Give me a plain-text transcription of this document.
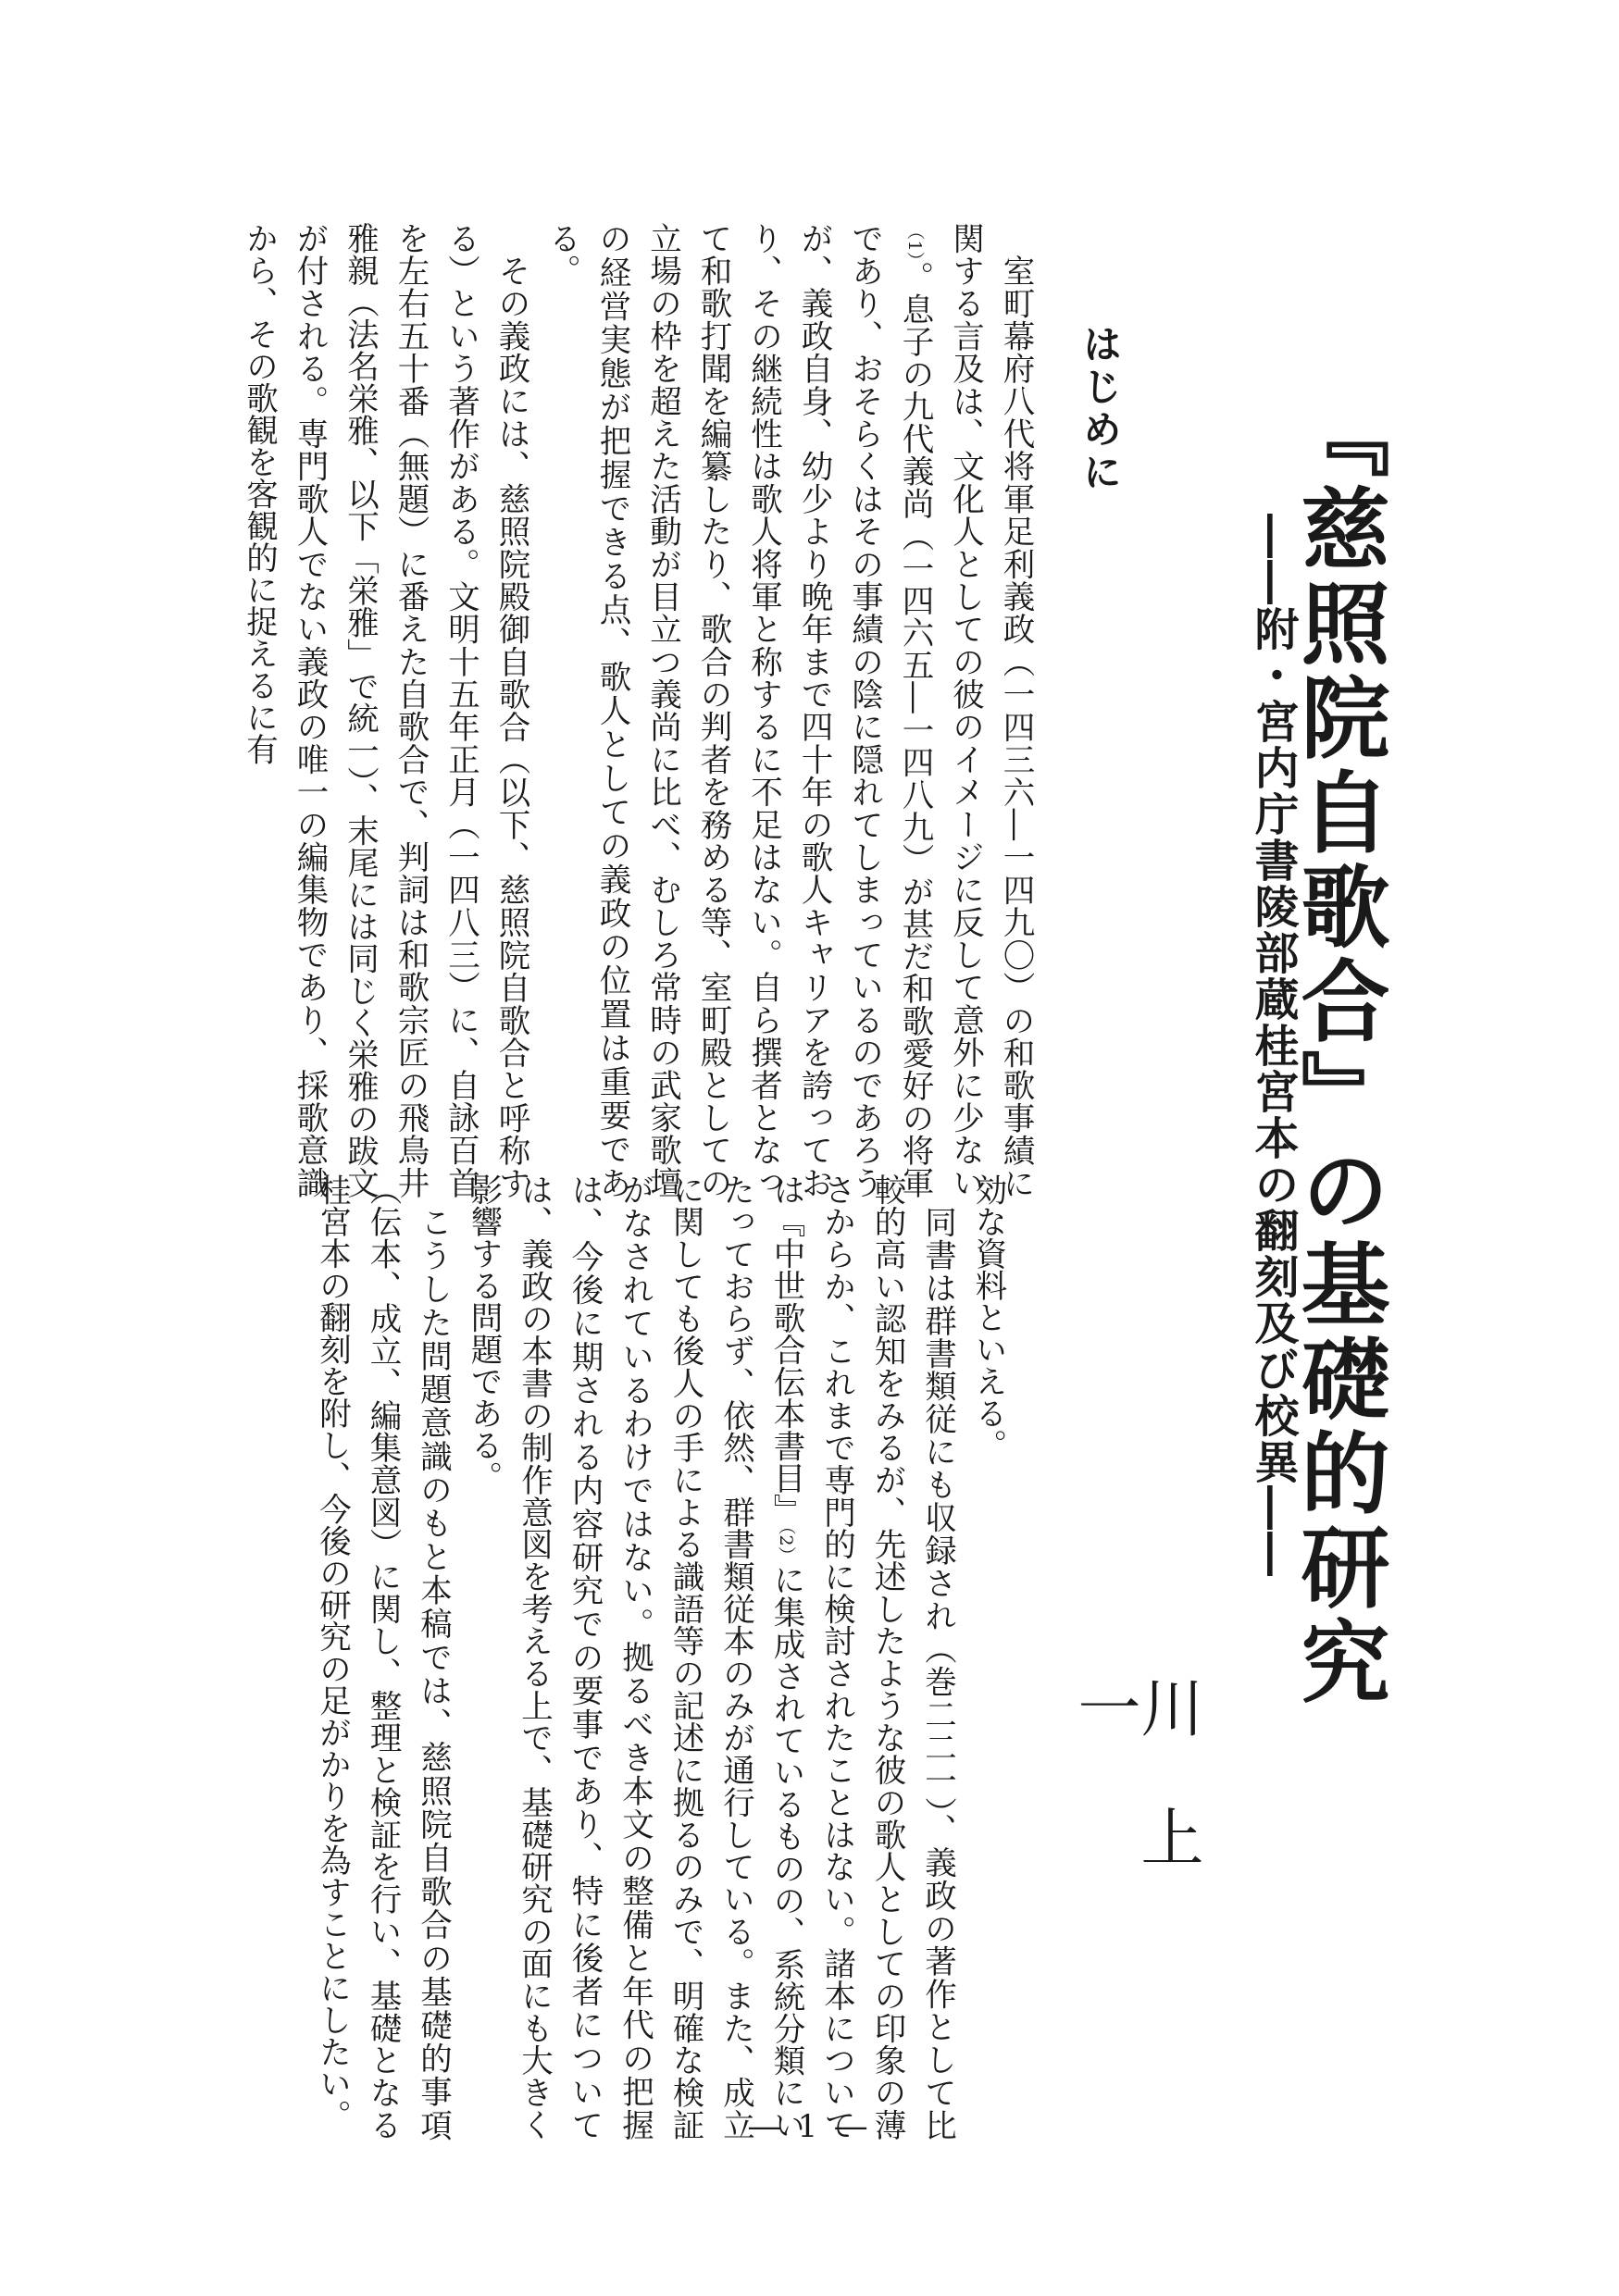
『慈照院自歌合』の基礎的研究
――附・宮内庁書陵部蔵桂宮本の翻刻及び校異――
川上一
はじめに

室町幕府八代将軍足利義政（一四三六―一四九〇）の和歌事績に関する言及は、文化人としての彼のイメージに反して意外に少ない（1）。息子の九代義尚（一四六五―一四八九）が甚だ和歌愛好の将軍であり、おそらくはその事績の陰に隠れてしまっているのであろうが、義政自身、幼少より晩年まで四十年の歌人キャリアを誇っており、その継続性は歌人将軍と称するに不足はない。自ら撰者となって和歌打聞を編纂したり、歌合の判者を務める等、室町殿としての立場の枠を超えた活動が目立つ義尚に比べ、むしろ常時の武家歌壇の経営実態が把握できる点、歌人としての義政の位置は重要である。

その義政には、慈照院殿御自歌合（以下、慈照院自歌合と呼称する）という著作がある。文明十五年正月（一四八三）に、自詠百首を左右五十番（無題）に番えた自歌合で、判詞は和歌宗匠の飛鳥井雅親（法名栄雅、以下「栄雅」で統一）、末尾には同じく栄雅の跋文が付される。専門歌人でない義政の唯一の編集物であり、採歌意識から、その歌観を客観的に捉えるに有

効な資料といえる。

同書は群書類従にも収録され（巻二二一）、義政の著作として比較的高い認知をみるが、先述したような彼の歌人としての印象の薄さからか、これまで専門的に検討されたことはない。諸本については『中世歌合伝本書目』（2）に集成されているものの、系統分類にいたっておらず、依然、群書類従本のみが通行している。また、成立に関しても後人の手による識語等の記述に拠るのみで、明確な検証がなされているわけではない。拠るべき本文の整備と年代の把握は、今後に期される内容研究での要事であり、特に後者については、義政の本書の制作意図を考える上で、基礎研究の面にも大きく影響する問題である。

こうした問題意識のもと本稿では、慈照院自歌合の基礎的事項（伝本、成立、編集意図）に関し、整理と検証を行い、基礎となる桂宮本の翻刻を附し、今後の研究の足がかりを為すことにしたい。	― 1 ―
